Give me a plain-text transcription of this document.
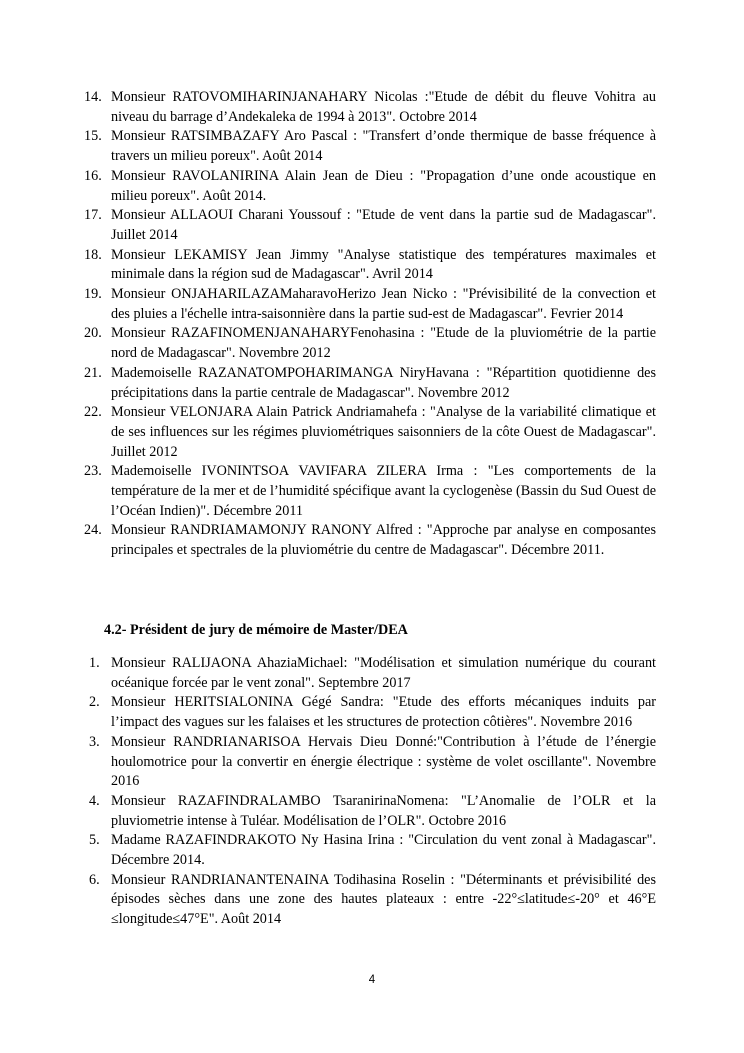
14. Monsieur RATOVOMIHARINJANAHARY Nicolas :"Etude de débit du fleuve Vohitra au niveau du barrage d’Andekaleka de 1994 à 2013". Octobre 2014
15. Monsieur RATSIMBAZAFY Aro Pascal : "Transfert d’onde thermique de basse fréquence à travers un milieu poreux". Août 2014
16. Monsieur RAVOLANIRINA Alain Jean de Dieu : "Propagation d’une onde acoustique en milieu poreux". Août 2014.
17. Monsieur ALLAOUI Charani Youssouf : "Etude de vent dans la partie sud de Madagascar". Juillet 2014
18. Monsieur LEKAMISY Jean Jimmy "Analyse statistique des températures maximales et minimale dans la région sud de Madagascar". Avril 2014
19. Monsieur ONJAHARILAZAMaharavoHerizo Jean Nicko : "Prévisibilité de la convection et des pluies a l'échelle intra-saisonnière dans la partie sud-est de Madagascar". Fevrier 2014
20. Monsieur RAZAFINOMENJANAHARYFenohasina : "Etude de la pluviométrie de la partie nord de Madagascar". Novembre 2012
21. Mademoiselle RAZANATOMPOHARIMANGA NiryHavana : "Répartition quotidienne des précipitations dans la partie centrale de Madagascar". Novembre 2012
22. Monsieur VELONJARA Alain Patrick Andriamahefa : "Analyse de la variabilité climatique et de ses influences sur les régimes pluviométriques saisonniers de la côte Ouest de Madagascar". Juillet 2012
23. Mademoiselle IVONINTSOA VAVIFARA ZILERA Irma : "Les comportements de la température de la mer et de l’humidité spécifique avant la cyclogenèse (Bassin du Sud Ouest de l’Océan Indien)". Décembre 2011
24. Monsieur RANDRIAMAMONJY RANONY Alfred : "Approche par analyse en composantes principales et spectrales de la pluviométrie du centre de Madagascar". Décembre 2011.
4.2- Président de jury de mémoire de Master/DEA
1. Monsieur RALIJAONA AhaziaMichael: "Modélisation et simulation numérique du courant océanique forcée par le vent zonal". Septembre 2017
2. Monsieur HERITSIALONINA Gégé Sandra: "Etude des efforts mécaniques induits par l’impact des vagues sur les falaises et les structures de protection côtières". Novembre 2016
3. Monsieur RANDRIANARISOA Hervais Dieu Donné:"Contribution à l’étude de l’énergie houlomotrice pour la convertir en énergie électrique : système de volet oscillante". Novembre 2016
4. Monsieur RAZAFINDRALAMBO TsaranirinaNomena: "L’Anomalie de l’OLR et la pluviometrie intense à Tuléar. Modélisation de l’OLR". Octobre 2016
5. Madame RAZAFINDRAKOTO Ny Hasina Irina : "Circulation du vent zonal à Madagascar". Décembre 2014.
6. Monsieur RANDRIANANTENAINA Todihasina Roselin : "Déterminants et prévisibilité des épisodes sèches dans une zone des hautes plateaux : entre -22°≤latitude≤-20° et 46°E ≤longitude≤47°E". Août 2014
4
